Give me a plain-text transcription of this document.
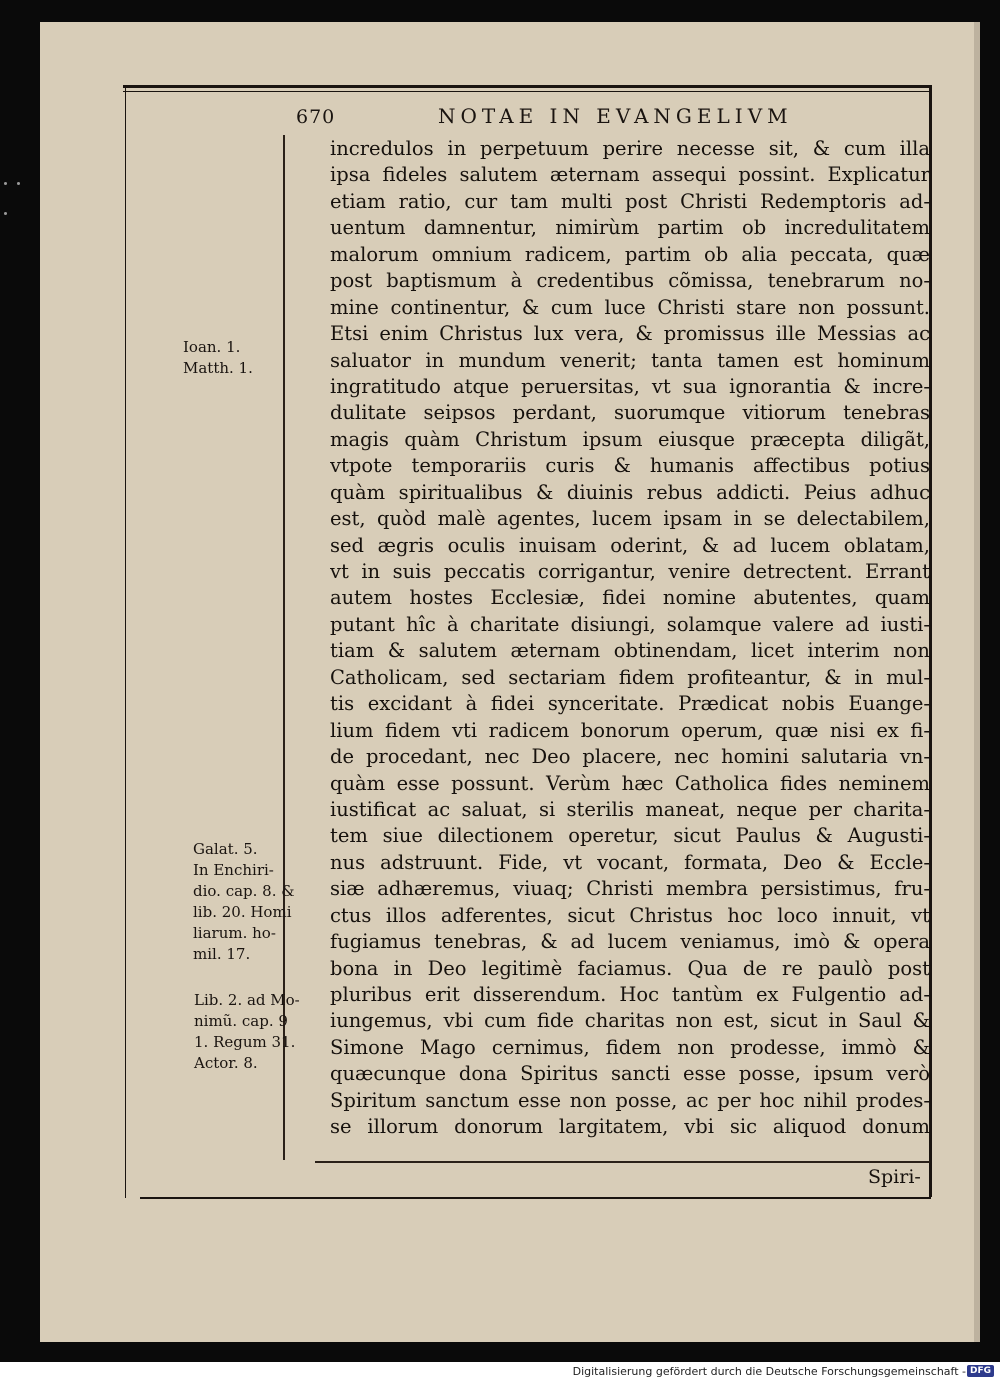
670	NOTAE IN EVANGELIVM
incredulos in perpetuum perire necesse sit, & cum illa
ipsa fideles salutem æternam assequi possint. Explicatur
etiam ratio, cur tam multi post Christi Redemptoris ad-
uentum damnentur, nimirùm partim ob incredulitatem
malorum omnium radicem, partim ob alia peccata, quæ
post baptismum à credentibus cõmissa, tenebrarum no-
mine continentur, & cum luce Christi stare non possunt.
Etsi enim Christus lux vera, & promissus ille Messias ac
saluator in mundum venerit; tanta tamen est hominum
ingratitudo atque peruersitas, vt sua ignorantia & incre-
dulitate seipsos perdant, suorumque vitiorum tenebras
magis quàm Christum ipsum eiusque præcepta diligãt,
vtpote temporariis curis & humanis affectibus potius
quàm spiritualibus & diuinis rebus addicti. Peius adhuc
est, quòd malè agentes, lucem ipsam in se delectabilem,
sed ægris oculis inuisam oderint, & ad lucem oblatam,
vt in suis peccatis corrigantur, venire detrectent. Errant
autem hostes Ecclesiæ, fidei nomine abutentes, quam
putant hîc à charitate disiungi, solamque valere ad iusti-
tiam & salutem æternam obtinendam, licet interim non
Catholicam, sed sectariam fidem profiteantur, & in mul-
tis excidant à fidei synceritate. Prædicat nobis Euange-
lium fidem vti radicem bonorum operum, quæ nisi ex fi-
de procedant, nec Deo placere, nec homini salutaria vn-
quàm esse possunt. Verùm hæc Catholica fides neminem
iustificat ac saluat, si sterilis maneat, neque per charita-
tem siue dilectionem operetur, sicut Paulus & Augusti-
nus adstruunt. Fide, vt vocant, formata, Deo & Eccle-
siæ adhæremus, viuaq; Christi membra persistimus, fru-
ctus illos adferentes, sicut Christus hoc loco innuit, vt
fugiamus tenebras, & ad lucem veniamus, imò & opera
bona in Deo legitimè faciamus. Qua de re paulò post
pluribus erit disserendum. Hoc tantùm ex Fulgentio ad-
iungemus, vbi cum fide charitas non est, sicut in Saul &
Simone Mago cernimus, fidem non prodesse, immò &
quæcunque dona Spiritus sancti esse posse, ipsum verò
Spiritum sanctum esse non posse, ac per hoc nihil prodes-
se illorum donorum largitatem, vbi sic aliquod donum
Ioan. 1.
Matth. 1.
Galat. 5.
In Enchiri-
dio. cap. 8. &
lib. 20. Homi
liarum. ho-
mil. 17.
Lib. 2. ad Mo-
nimũ. cap. 9
1. Regum 31.
Actor. 8.
Spiri-
Digitalisierung gefördert durch die Deutsche Forschungsgemeinschaft - DFG
